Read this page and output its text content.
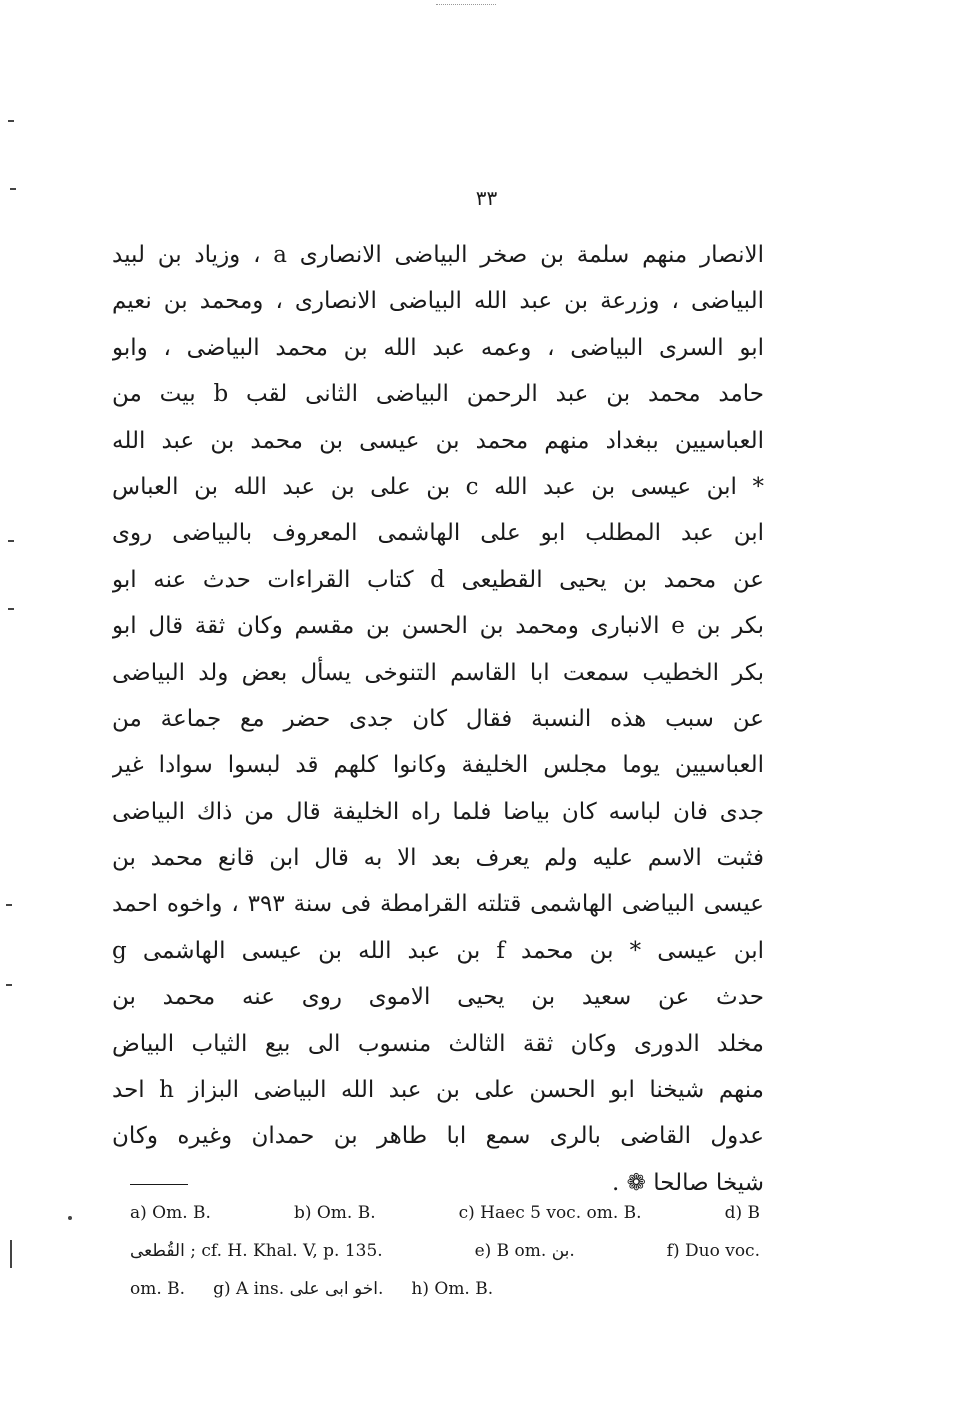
٣٣
الانصار منهم سلمة بن صخر البياضى الانصارى a ، وزياد بن لبيد
البياضى ، وزرعة بن عبد الله البياضى الانصارى ، ومحمد بن نعيم
ابو السرى البياضى ، وعمه عبد الله بن محمد البياضى ، وابو
حامد محمد بن عبد الرحمن البياضى الثانى لقب b بيت من
العباسيين ببغداد منهم محمد بن عيسى بن محمد بن عبد الله
* ابن عيسى بن عبد الله c بن على بن عبد الله بن العباس
ابن عبد المطلب ابو على الهاشمى المعروف بالبياضى روى
عن محمد بن يحيى القطيعى d كتاب القراءات حدث عنه ابو
بكر بن e الانبارى ومحمد بن الحسن بن مقسم وكان ثقة قال ابو
بكر الخطيب سمعت ابا القاسم التنوخى يسأل بعض ولد البياضى
عن سبب هذه النسبة فقال كان جدى حضر مع جماعة من
العباسيين يوما مجلس الخليفة وكانوا كلهم قد لبسوا سوادا غير
جدى فان لباسه كان بياضا فلما راه الخليفة قال من ذاك البياضى
فثبت الاسم عليه ولم يعرف بعد الا به قال ابن قانع محمد بن
عيسى البياضى الهاشمى قتلته القرامطة فى سنة ٣٩٣ ، واخوه احمد
ابن عيسى * بن محمد f بن عبد الله بن عيسى الهاشمى g
حدث عن سعيد بن يحيى الاموى روى عنه محمد بن
مخلد الدورى وكان ثقة الثالث منسوب الى بيع الثياب البياض
منهم شيخنا ابو الحسن على بن عبد الله البياضى البزاز h احد
عدول القاضى بالرى سمع ابا طاهر بن حمدان وغيره وكان
شيخا صالحا ❁ .
a) Om. B.	b) Om. B.	c) Haec 5 voc. om. B.	d) B
القُطعى ; cf. H. Khal. V, p. 135.	e) B om. بن.	f) Duo voc.
om. B. g) A ins. اخو ابى على. h) Om. B.
